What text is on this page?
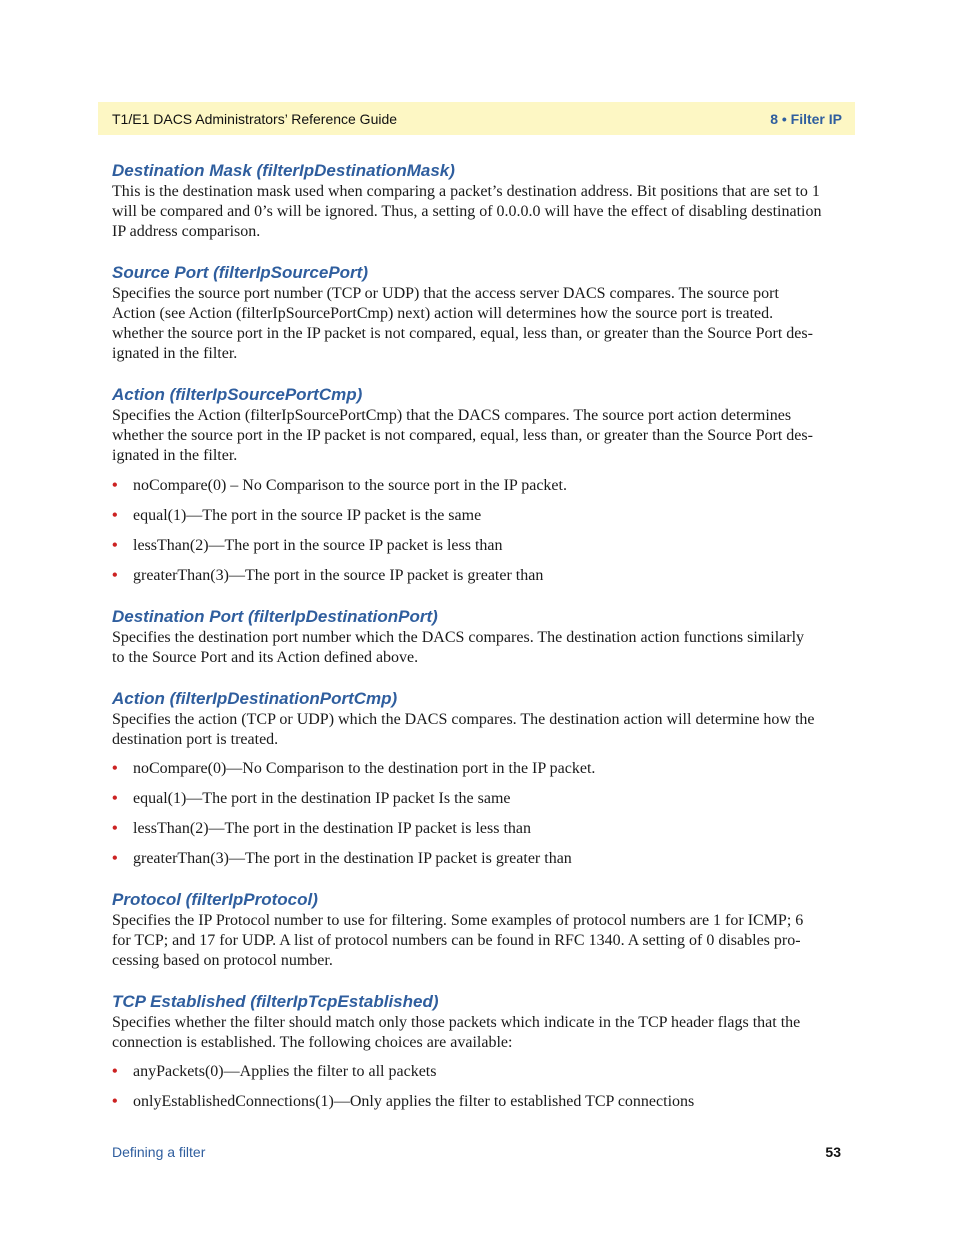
T1/E1 DACS Administrators’ Reference Guide	8 • Filter IP
Destination Mask (filterIpDestinationMask)

This is the destination mask used when comparing a packet’s destination address. Bit positions that are set to 1
will be compared and 0’s will be ignored. Thus, a setting of 0.0.0.0 will have the effect of disabling destination
IP address comparison.

Source Port (filterIpSourcePort)

Specifies the source port number (TCP or UDP) that the access server DACS compares. The source port
Action (see Action (filterIpSourcePortCmp) next) action will determines how the source port is treated.
whether the source port in the IP packet is not compared, equal, less than, or greater than the Source Port des-
ignated in the filter.

Action (filterIpSourcePortCmp)

Specifies the Action (filterIpSourcePortCmp) that the DACS compares. The source port action determines
whether the source port in the IP packet is not compared, equal, less than, or greater than the Source Port des-
ignated in the filter.

• noCompare(0) – No Comparison to the source port in the IP packet.
• equal(1)—The port in the source IP packet is the same
• lessThan(2)—The port in the source IP packet is less than
• greaterThan(3)—The port in the source IP packet is greater than
Destination Port (filterIpDestinationPort)

Specifies the destination port number which the DACS compares. The destination action functions similarly
to the Source Port and its Action defined above.

Action (filterIpDestinationPortCmp)

Specifies the action (TCP or UDP) which the DACS compares. The destination action will determine how the
destination port is treated.

• noCompare(0)—No Comparison to the destination port in the IP packet.
• equal(1)—The port in the destination IP packet Is the same
• lessThan(2)—The port in the destination IP packet is less than
• greaterThan(3)—The port in the destination IP packet is greater than
Protocol (filterIpProtocol)

Specifies the IP Protocol number to use for filtering. Some examples of protocol numbers are 1 for ICMP; 6
for TCP; and 17 for UDP. A list of protocol numbers can be found in RFC 1340. A setting of 0 disables pro-
cessing based on protocol number.

TCP Established (filterIpTcpEstablished)

Specifies whether the filter should match only those packets which indicate in the TCP header flags that the
connection is established. The following choices are available:

• anyPackets(0)—Applies the filter to all packets
• onlyEstablishedConnections(1)—Only applies the filter to established TCP connections
Defining a filter	53
